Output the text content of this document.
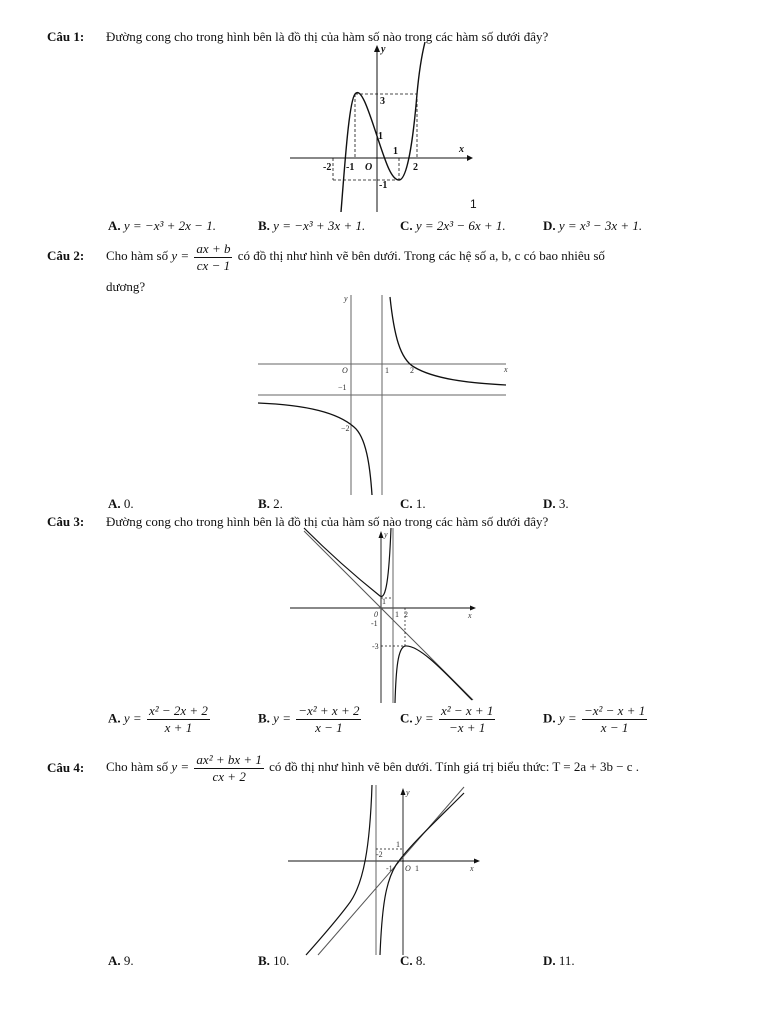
Câu 1: Đường cong cho trong hình bên là đồ thị của hàm số nào trong các hàm số dưới đây?
y
x
3
1
1
-2 -1 O	2
-1
1
A. y = −x³ + 2x − 1.	B. y = −x³ + 3x + 1.	C. y = 2x³ − 6x + 1.	D. y = x³ − 3x + 1.
Câu 2: Cho hàm số $y = \frac{ax + b}{cx - 1}$ có đồ thị như hình vẽ bên dưới. Trong các hệ số a, b, c có bao nhiêu số
dương?
y
x
O	1	2
−1
−2
A. 0.	B. 2.	C. 1.	D. 3.
Câu 3: Đường cong cho trong hình bên là đồ thị của hàm số nào trong các hàm số dưới đây?
y
x
0 1 2
1
-1
-3
A. $y = \frac{\text{x² − 2x + 2}}{x + 1}$	B. $y = \frac{\text{−x² + x + 2}}{x - 1}$	C. $y = \frac{\text{x² − x + 1}}{-x + 1}$	D. $y = \frac{\text{−x² − x + 1}}{x - 1}$
Câu 4: Cho hàm số $y = \frac{\text{ax² + bx + 1}}{cx + 2}$ có đồ thị như hình vẽ bên dưới. Tính giá trị biểu thức: T = 2a + 3b − c .
y
x
O 1
1
-1
-2
A. 9.	B. 10.	C. 8.	D. 11.
